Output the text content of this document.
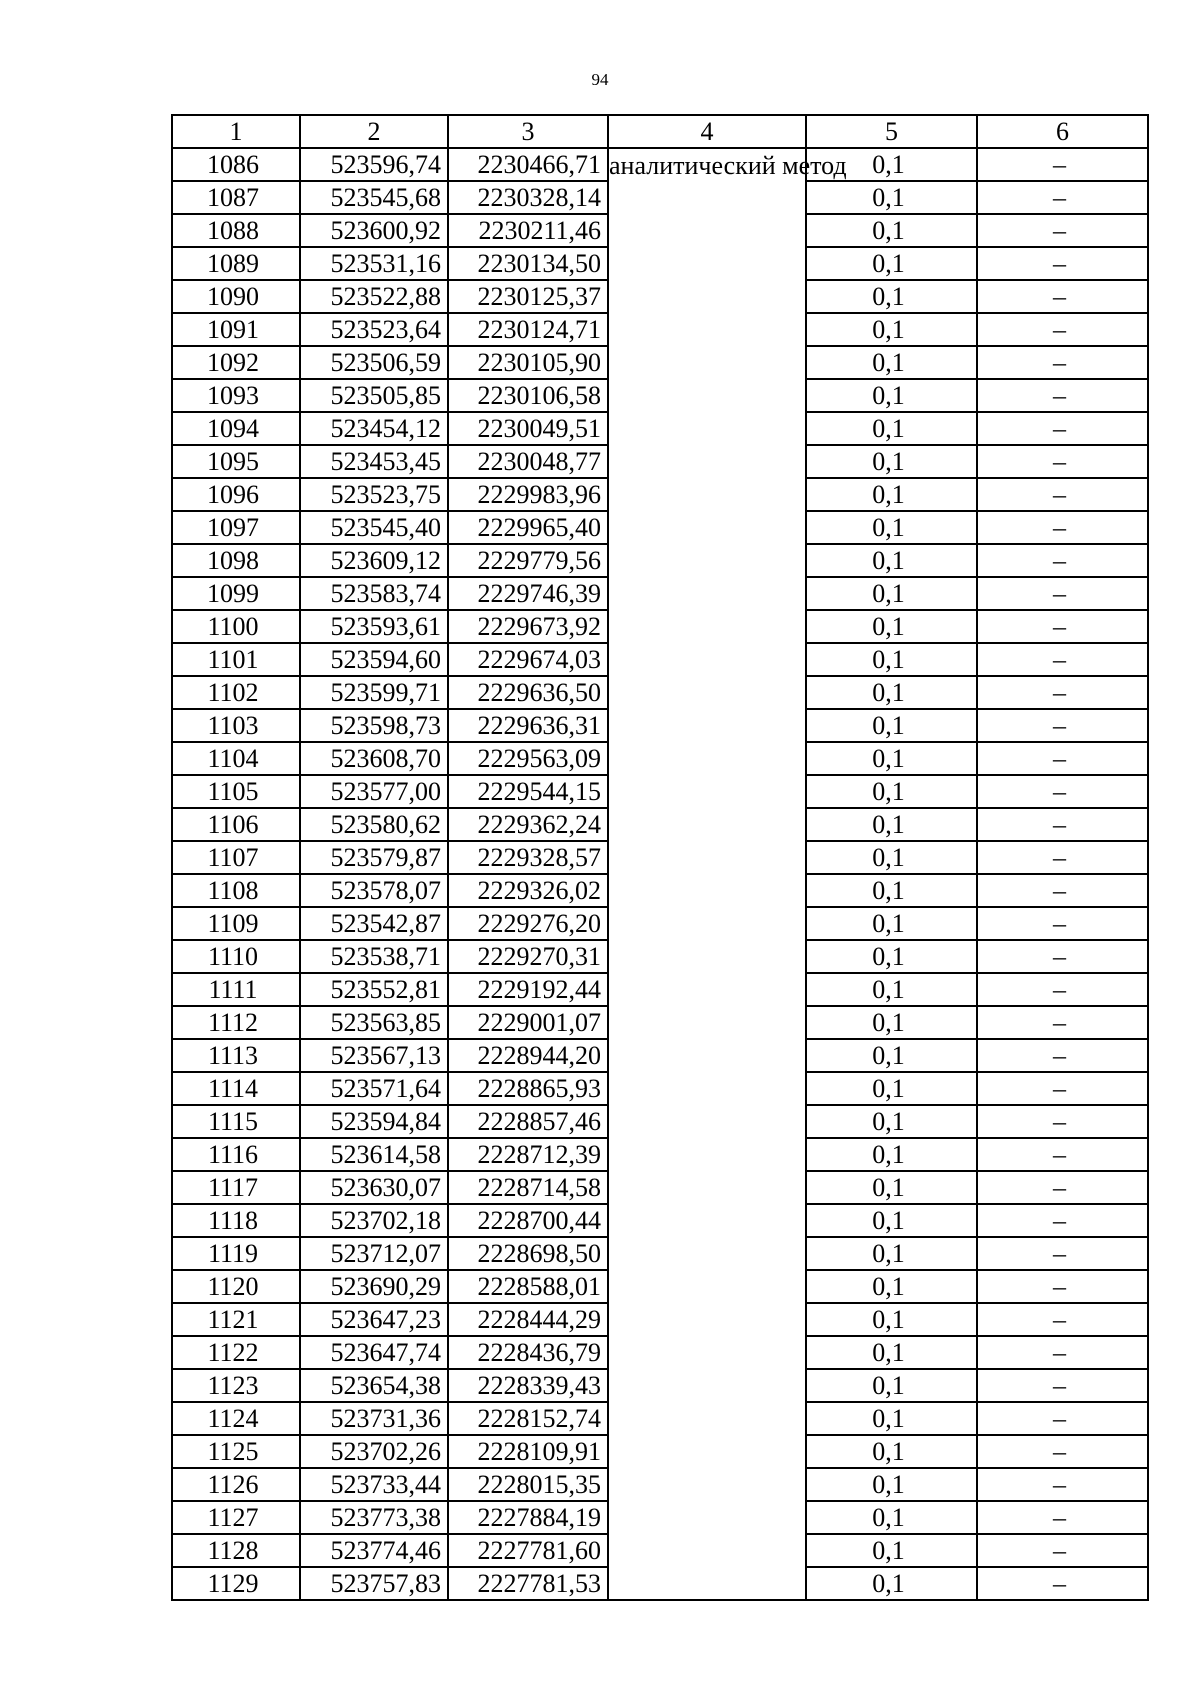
94
1	2	3	4	5	6
1086	523596,74	2230466,71	аналитический метод	0,1	–
1087	523545,68	2230328,14		0,1	–
1088	523600,92	2230211,46		0,1	–
1089	523531,16	2230134,50		0,1	–
1090	523522,88	2230125,37		0,1	–
1091	523523,64	2230124,71		0,1	–
1092	523506,59	2230105,90		0,1	–
1093	523505,85	2230106,58		0,1	–
1094	523454,12	2230049,51		0,1	–
1095	523453,45	2230048,77		0,1	–
1096	523523,75	2229983,96		0,1	–
1097	523545,40	2229965,40		0,1	–
1098	523609,12	2229779,56		0,1	–
1099	523583,74	2229746,39		0,1	–
1100	523593,61	2229673,92		0,1	–
1101	523594,60	2229674,03		0,1	–
1102	523599,71	2229636,50		0,1	–
1103	523598,73	2229636,31		0,1	–
1104	523608,70	2229563,09		0,1	–
1105	523577,00	2229544,15		0,1	–
1106	523580,62	2229362,24		0,1	–
1107	523579,87	2229328,57		0,1	–
1108	523578,07	2229326,02		0,1	–
1109	523542,87	2229276,20		0,1	–
1110	523538,71	2229270,31		0,1	–
1111	523552,81	2229192,44		0,1	–
1112	523563,85	2229001,07		0,1	–
1113	523567,13	2228944,20		0,1	–
1114	523571,64	2228865,93		0,1	–
1115	523594,84	2228857,46		0,1	–
1116	523614,58	2228712,39		0,1	–
1117	523630,07	2228714,58		0,1	–
1118	523702,18	2228700,44		0,1	–
1119	523712,07	2228698,50		0,1	–
1120	523690,29	2228588,01		0,1	–
1121	523647,23	2228444,29		0,1	–
1122	523647,74	2228436,79		0,1	–
1123	523654,38	2228339,43		0,1	–
1124	523731,36	2228152,74		0,1	–
1125	523702,26	2228109,91		0,1	–
1126	523733,44	2228015,35		0,1	–
1127	523773,38	2227884,19		0,1	–
1128	523774,46	2227781,60		0,1	–
1129	523757,83	2227781,53		0,1	–
